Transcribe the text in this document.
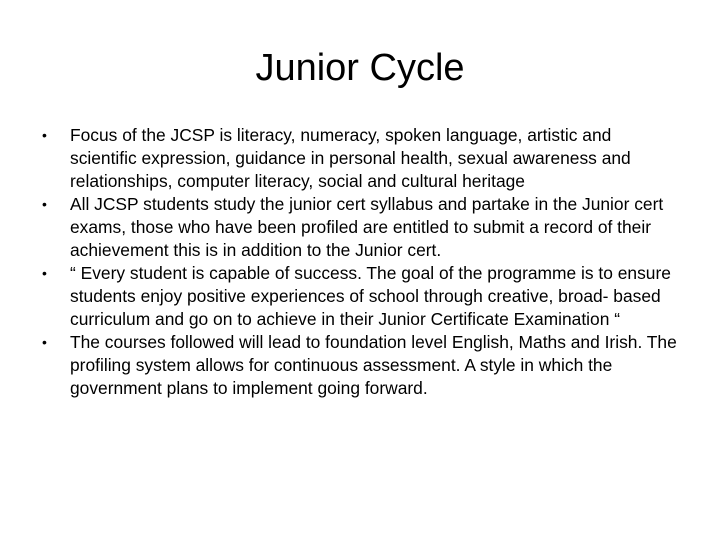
Junior Cycle
•	Focus of the JCSP is literacy, numeracy, spoken language, artistic and scientific expression, guidance in personal health, sexual awareness and relationships, computer literacy, social and cultural heritage
•	All JCSP students study the junior cert syllabus and partake in the Junior cert exams, those who have been profiled are entitled to submit a record of their achievement this is in addition to the Junior cert.
•	“ Every student is capable of success. The goal of the programme is to ensure students enjoy positive experiences of school through creative, broad- based curriculum and go on to achieve in their Junior Certificate Examination “
•	The courses followed will lead to foundation level English, Maths and Irish. The profiling system allows for continuous assessment. A style in which the government plans to implement going forward.
